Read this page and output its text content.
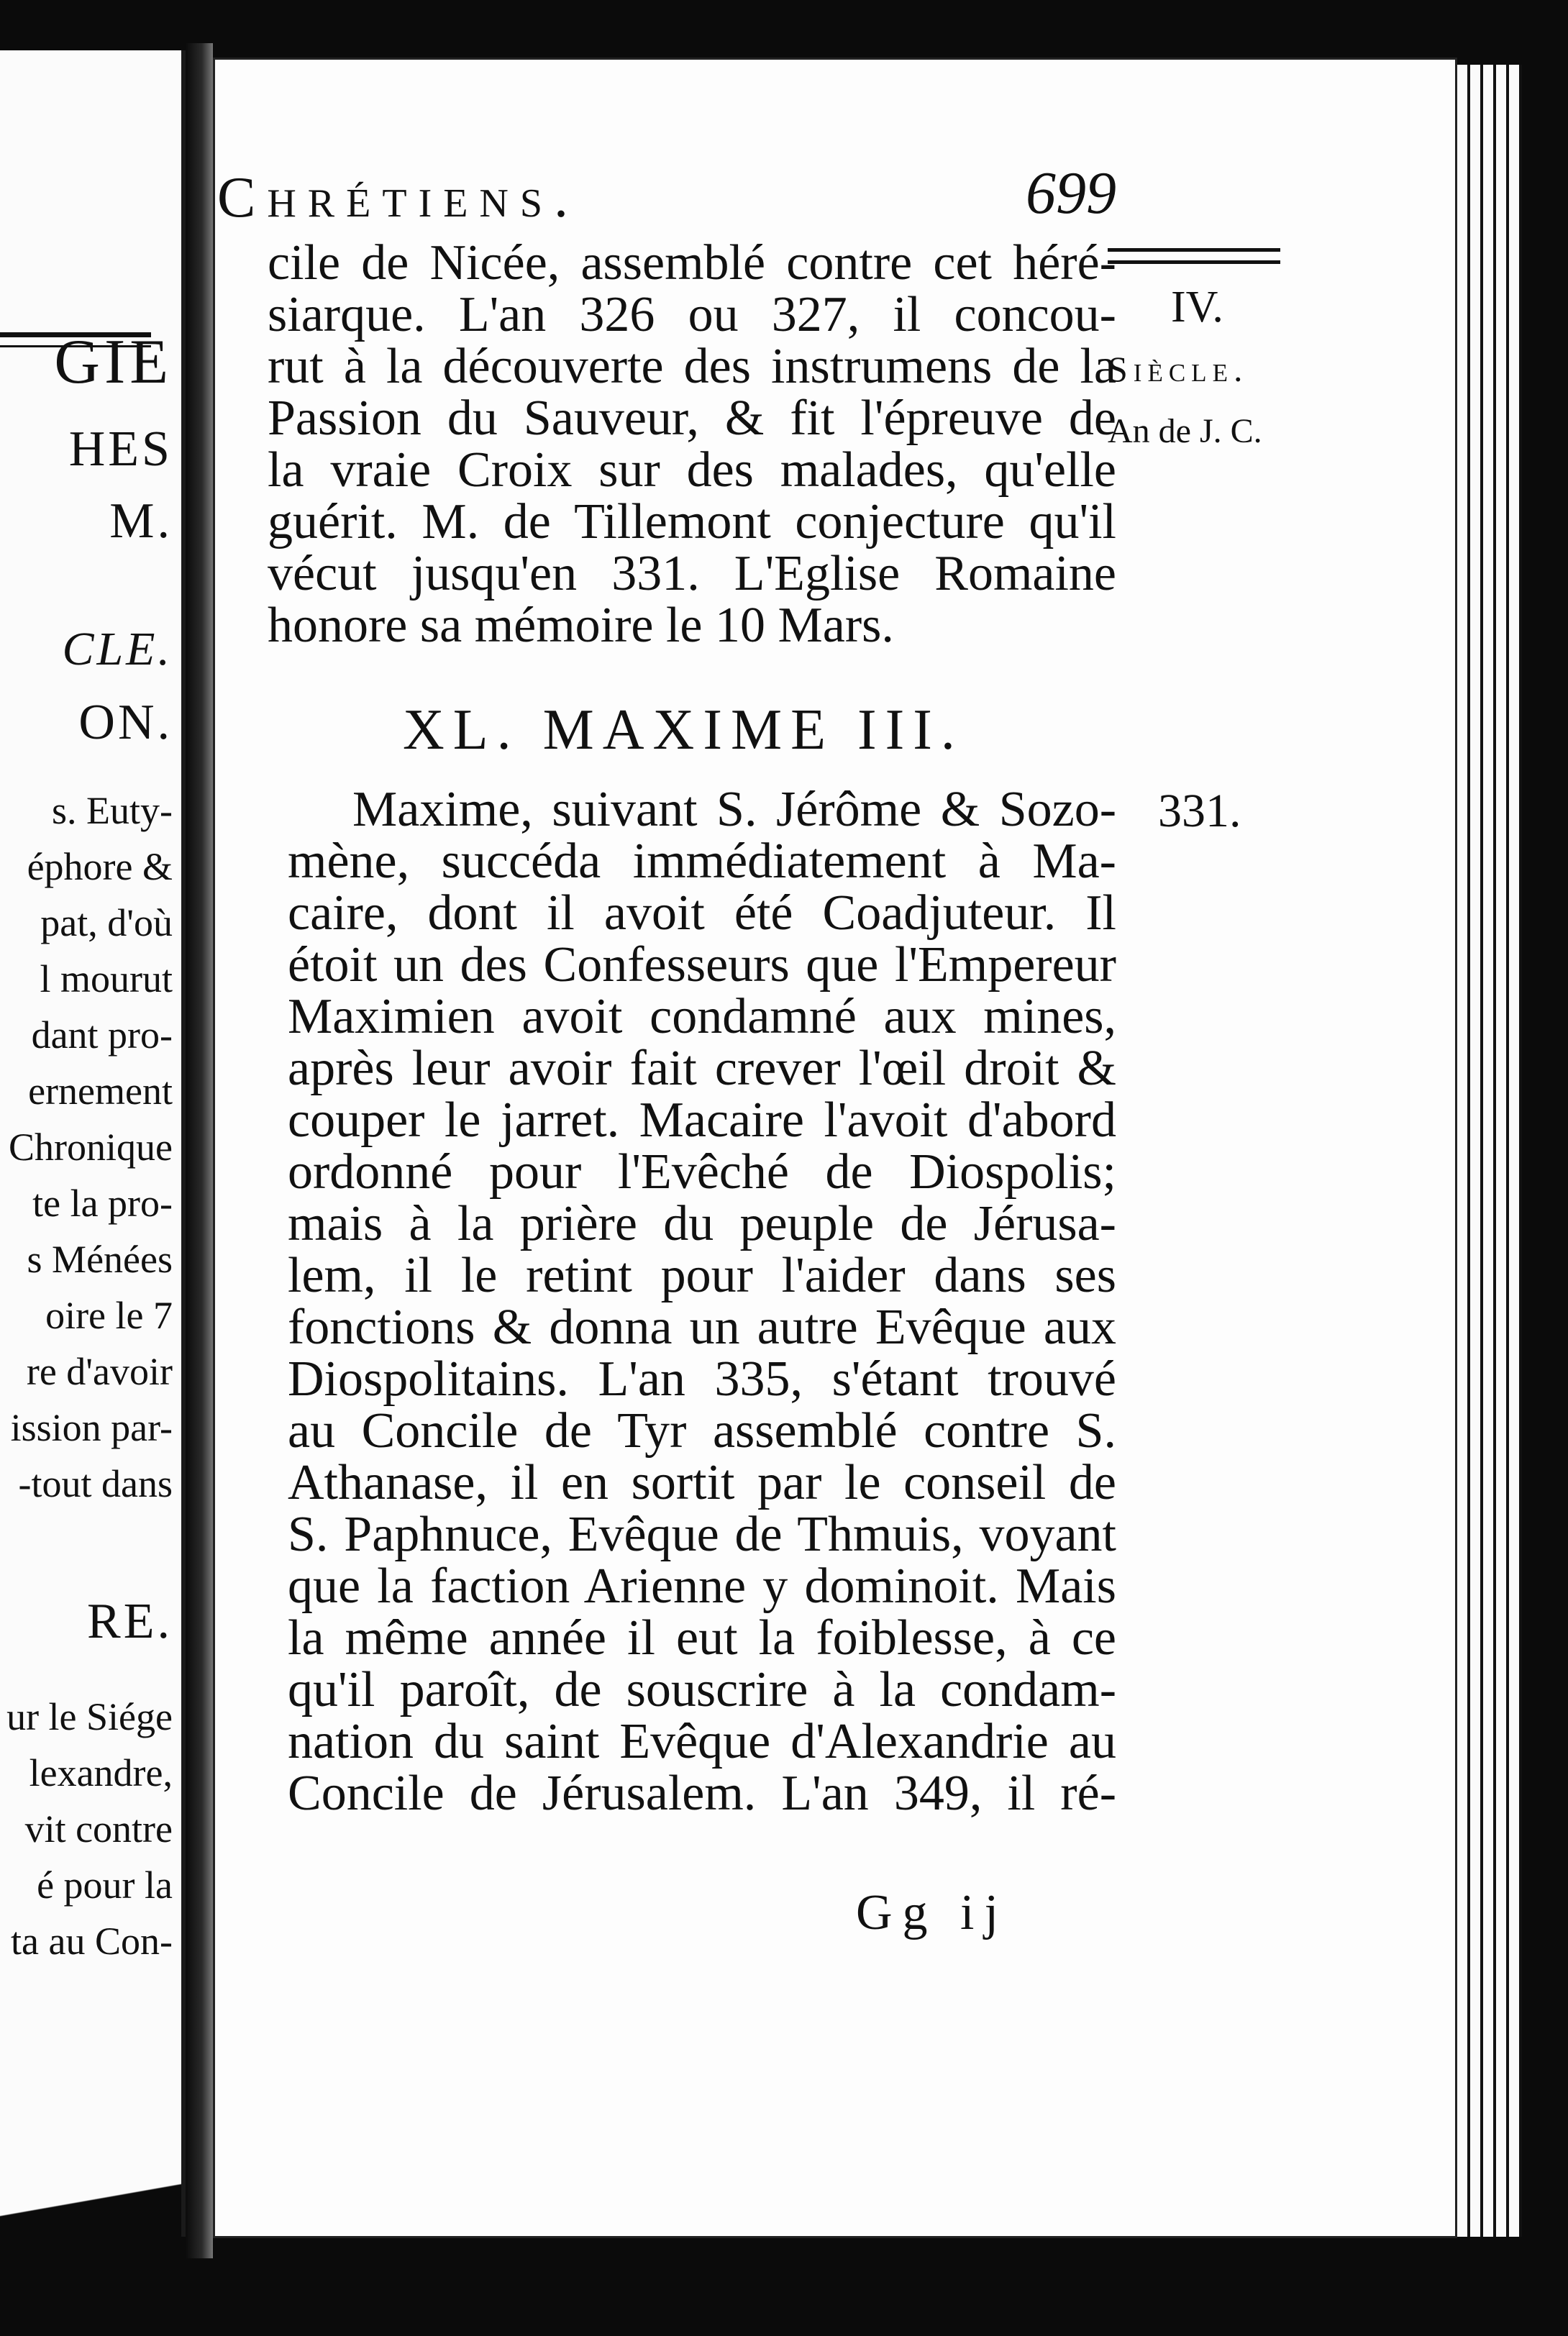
GIE
HES
M.
CLE.
ON.
s. Euty-
éphore &
pat, d'où
l mourut
dant pro-
ernement
Chronique
te la pro-
s Ménées
oire le 7
re d'avoir
ission par-
-tout dans
RE.
ur le Siége
lexandre,
vit contre
é pour la
ta au Con-
Chrétiens.	699
IV.
Siècle.
An de J. C.
331.
cile de Nicée, assemblé contre cet héré-
siarque. L'an 326 ou 327, il concou-
rut à la découverte des instrumens de la
Passion du Sauveur, & fit l'épreuve de
la vraie Croix sur des malades, qu'elle
guérit. M. de Tillemont conjecture qu'il
vécut jusqu'en 331. L'Eglise Romaine
honore sa mémoire le 10 Mars.
XL. MAXIME III.
Maxime, suivant S. Jérôme & Sozo-
mène, succéda immédiatement à Ma-
caire, dont il avoit été Coadjuteur. Il
étoit un des Confesseurs que l'Empereur
Maximien avoit condamné aux mines,
après leur avoir fait crever l'œil droit &
couper le jarret. Macaire l'avoit d'abord
ordonné pour l'Evêché de Diospolis;
mais à la prière du peuple de Jérusa-
lem, il le retint pour l'aider dans ses
fonctions & donna un autre Evêque aux
Diospolitains. L'an 335, s'étant trouvé
au Concile de Tyr assemblé contre S.
Athanase, il en sortit par le conseil de
S. Paphnuce, Evêque de Thmuis, voyant
que la faction Arienne y dominoit. Mais
la même année il eut la foiblesse, à ce
qu'il paroît, de souscrire à la condam-
nation du saint Evêque d'Alexandrie au
Concile de Jérusalem. L'an 349, il ré-
Gg ij
